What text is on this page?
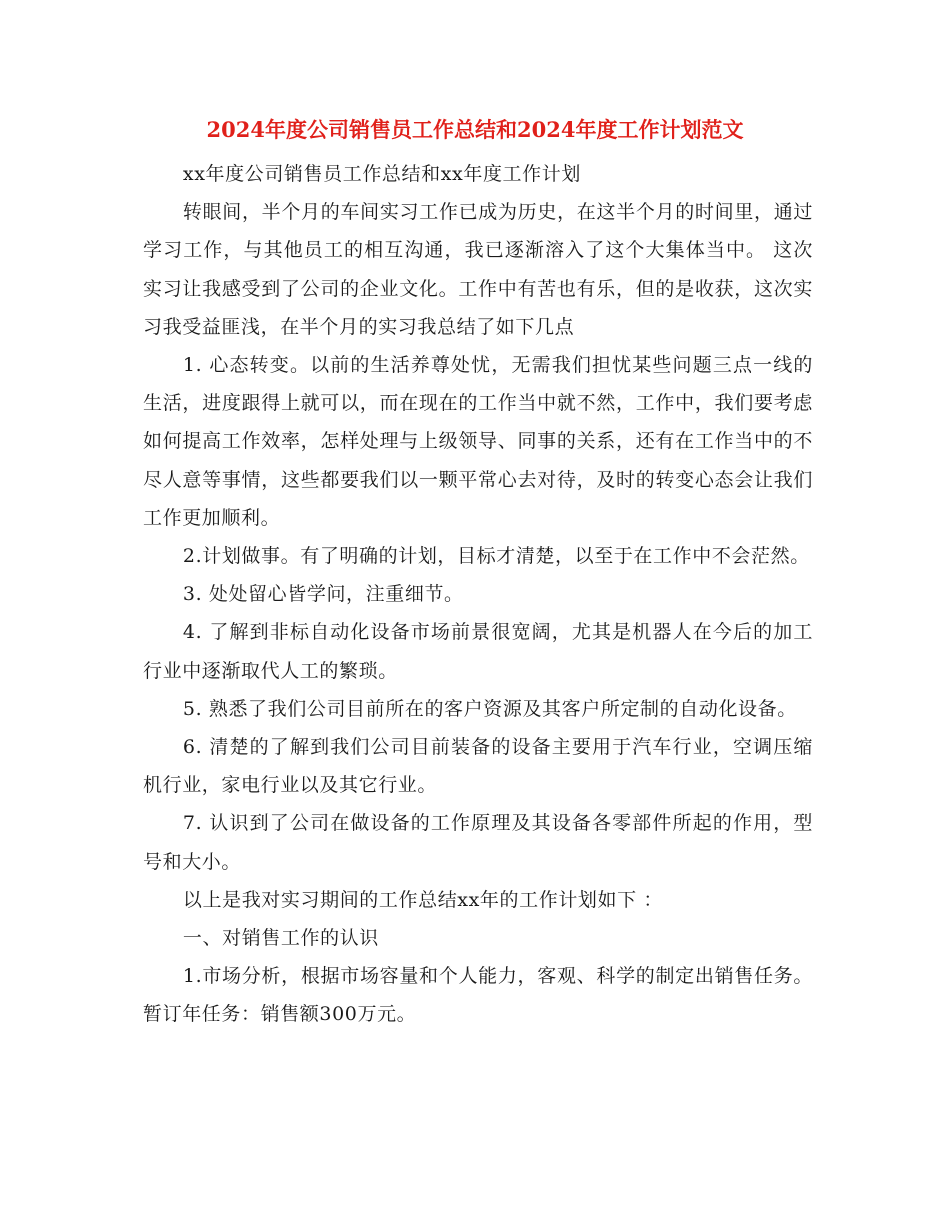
2024年度公司销售员工作总结和2024年度工作计划范文

xx年度公司销售员工作总结和xx年度工作计划

转眼间，半个月的车间实习工作已成为历史，在这半个月的时间里，通过学习工作，与其他员工的相互沟通，我已逐渐溶入了这个大集体当中。 这次实习让我感受到了公司的企业文化。工作中有苦也有乐，但的是收获，这次实习我受益匪浅，在半个月的实习我总结了如下几点

1. 心态转变。以前的生活养尊处忧，无需我们担忧某些问题三点一线的生活，进度跟得上就可以，而在现在的工作当中就不然，工作中，我们要考虑如何提高工作效率，怎样处理与上级领导、同事的关系，还有在工作当中的不尽人意等事情，这些都要我们以一颗平常心去对待，及时的转变心态会让我们工作更加顺利。

2.计划做事。有了明确的计划，目标才清楚，以至于在工作中不会茫然。

3. 处处留心皆学问，注重细节。

4. 了解到非标自动化设备市场前景很宽阔，尤其是机器人在今后的加工行业中逐渐取代人工的繁琐。

5. 熟悉了我们公司目前所在的客户资源及其客户所定制的自动化设备。

6. 清楚的了解到我们公司目前装备的设备主要用于汽车行业，空调压缩机行业，家电行业以及其它行业。

7. 认识到了公司在做设备的工作原理及其设备各零部件所起的作用，型号和大小。

以上是我对实习期间的工作总结xx年的工作计划如下 ：

一、对销售工作的认识

1.市场分析，根据市场容量和个人能力，客观、科学的制定出销售任务。暂订年任务：销售额300万元。
